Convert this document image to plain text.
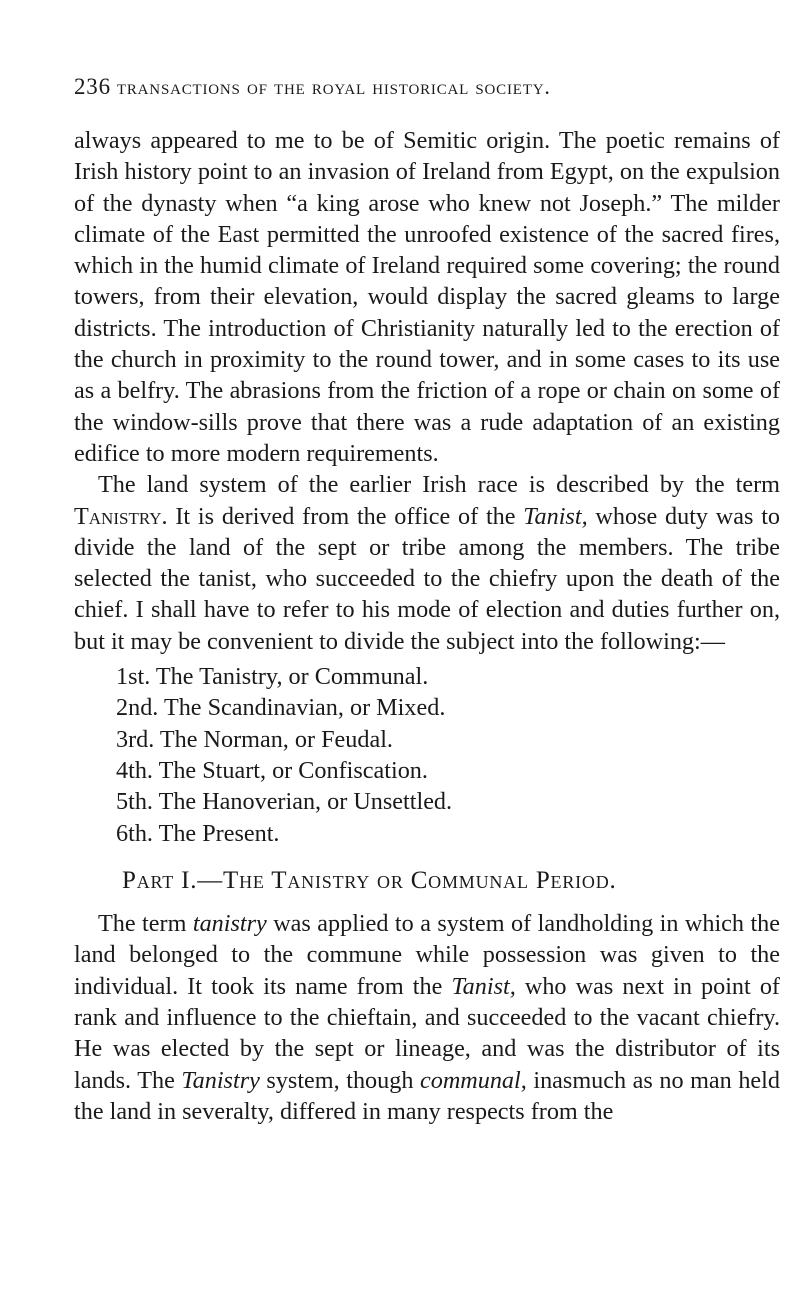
236 transactions of the royal historical society.

always appeared to me to be of Semitic origin. The poetic remains of Irish history point to an invasion of Ireland from Egypt, on the expulsion of the dynasty when “a king arose who knew not Joseph.” The milder climate of the East permitted the unroofed existence of the sacred fires, which in the humid climate of Ireland required some covering; the round towers, from their elevation, would display the sacred gleams to large districts. The introduction of Christianity naturally led to the erection of the church in proximity to the round tower, and in some cases to its use as a belfry. The abrasions from the friction of a rope or chain on some of the window-sills prove that there was a rude adaptation of an existing edifice to more modern requirements.

The land system of the earlier Irish race is described by the term Tanistry. It is derived from the office of the Tanist, whose duty was to divide the land of the sept or tribe among the members. The tribe selected the tanist, who succeeded to the chiefry upon the death of the chief. I shall have to refer to his mode of election and duties further on, but it may be convenient to divide the subject into the following:—

1st. The Tanistry, or Communal.
2nd. The Scandinavian, or Mixed.
3rd. The Norman, or Feudal.
4th. The Stuart, or Confiscation.
5th. The Hanoverian, or Unsettled.
6th. The Present.
Part I.—The Tanistry or Communal Period.

The term tanistry was applied to a system of landholding in which the land belonged to the commune while possession was given to the individual. It took its name from the Tanist, who was next in point of rank and influence to the chieftain, and succeeded to the vacant chiefry. He was elected by the sept or lineage, and was the distributor of its lands. The Tanistry system, though communal, inasmuch as no man held the land in severalty, differed in many respects from the
